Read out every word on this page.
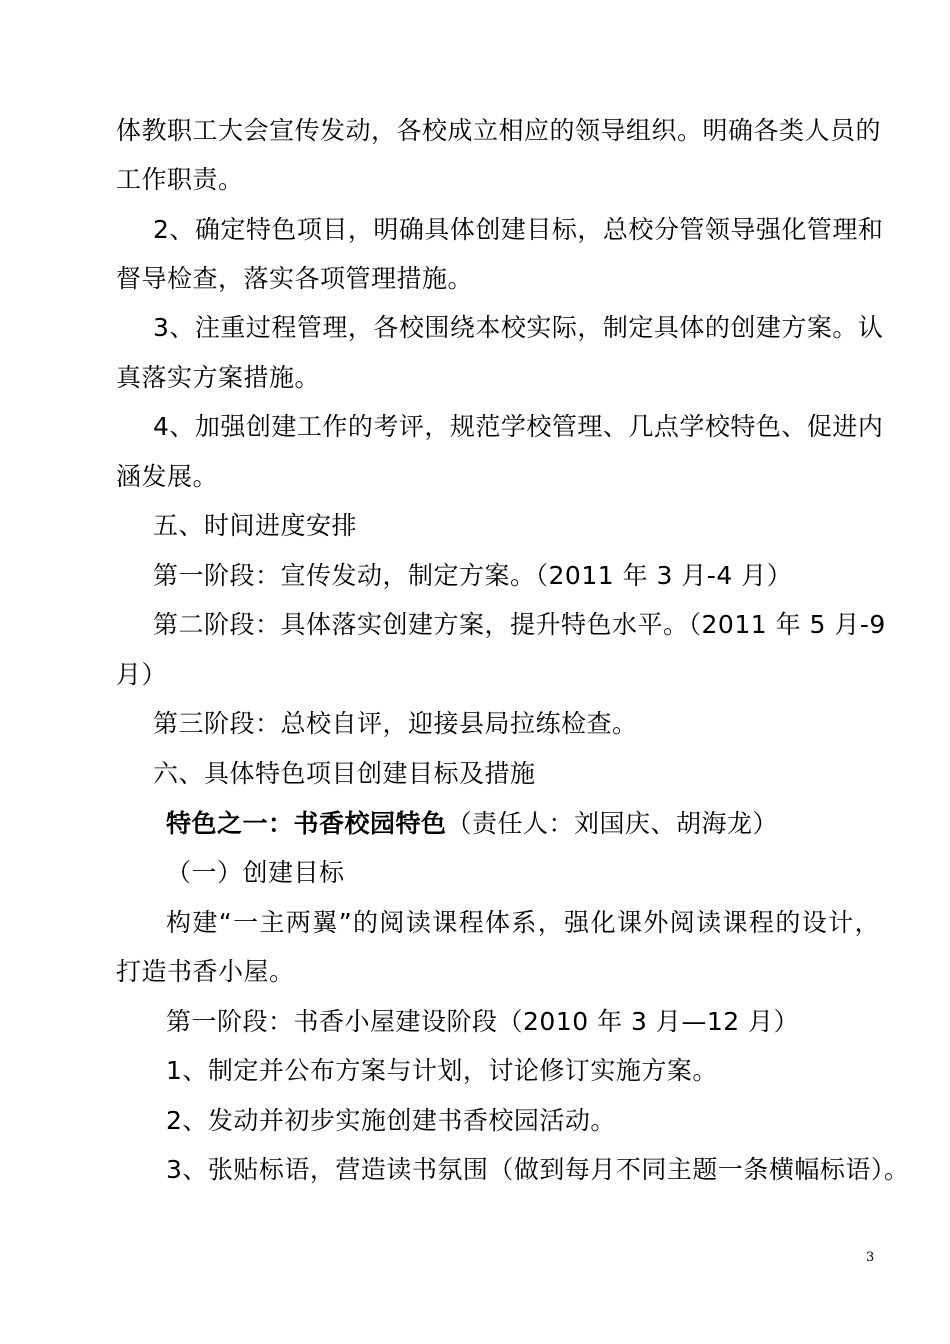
体教职工大会宣传发动，各校成立相应的领导组织。明确各类人员的
工作职责。
2、确定特色项目，明确具体创建目标，总校分管领导强化管理和
督导检查，落实各项管理措施。
3、注重过程管理，各校围绕本校实际，制定具体的创建方案。认
真落实方案措施。
4、加强创建工作的考评，规范学校管理、几点学校特色、促进内
涵发展。
五、时间进度安排
第一阶段：宣传发动，制定方案。（2011 年 3 月-4 月）
第二阶段：具体落实创建方案，提升特色水平。（2011 年 5 月-9
月）
第三阶段：总校自评，迎接县局拉练检查。
六、具体特色项目创建目标及措施
特色之一：书香校园特色（责任人：刘国庆、胡海龙）
（一）创建目标
构建“一主两翼”的阅读课程体系，强化课外阅读课程的设计，
打造书香小屋。
第一阶段：书香小屋建设阶段（2010 年 3 月—12 月）
1、制定并公布方案与计划，讨论修订实施方案。
2、发动并初步实施创建书香校园活动。
3、张贴标语，营造读书氛围（做到每月不同主题一条横幅标语）。
3
